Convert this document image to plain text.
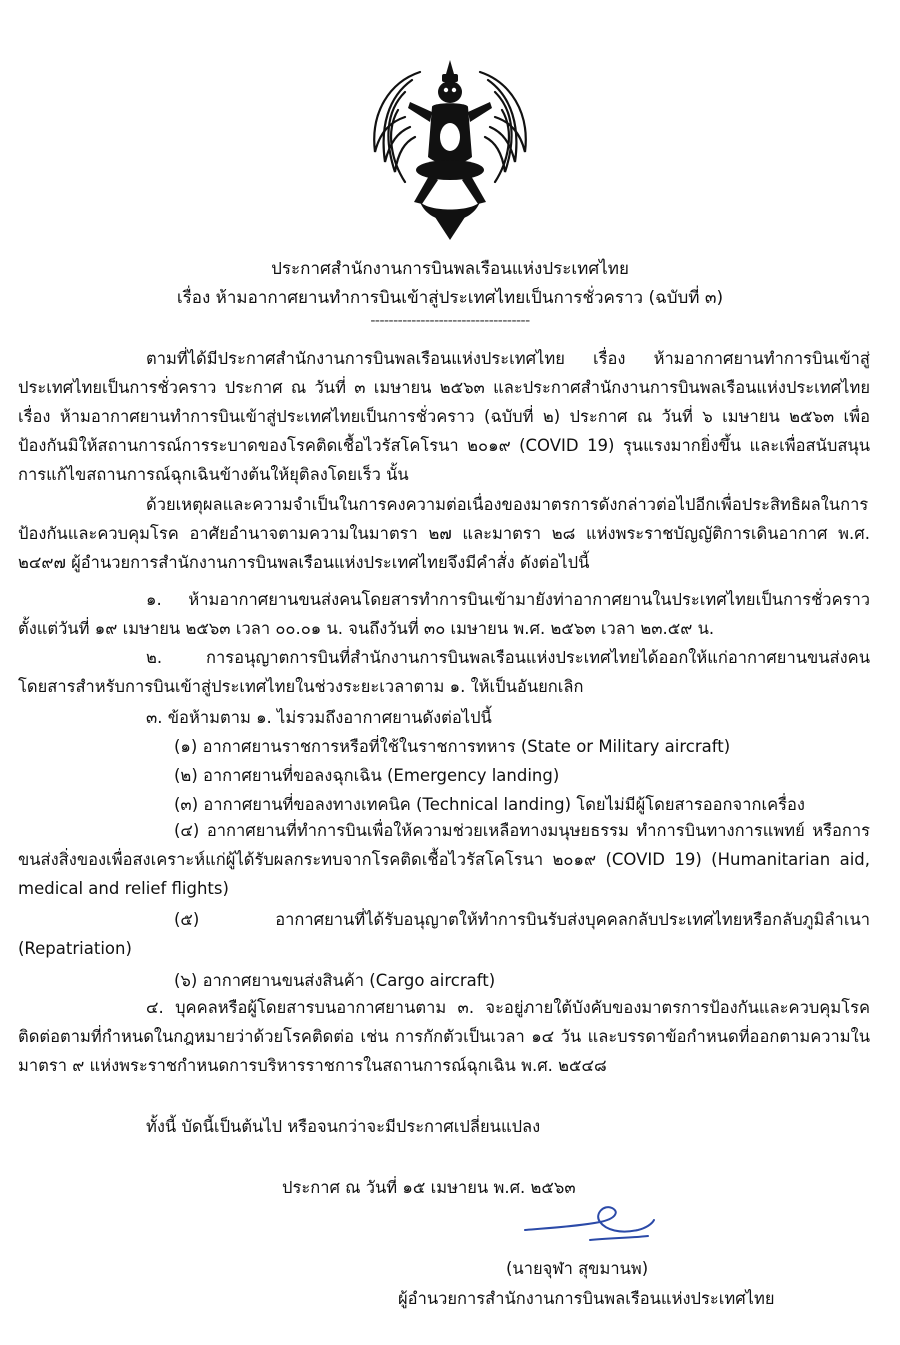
ประกาศสำนักงานการบินพลเรือนแห่งประเทศไทย
เรื่อง ห้ามอากาศยานทำการบินเข้าสู่ประเทศไทยเป็นการชั่วคราว (ฉบับที่ ๓)
-----------------------------------

ตามที่ได้มีประกาศสำนักงานการบินพลเรือนแห่งประเทศไทย เรื่อง ห้ามอากาศยานทำการบินเข้าสู่ประเทศไทยเป็นการชั่วคราว ประกาศ ณ วันที่ ๓ เมษายน ๒๕๖๓ และประกาศสำนักงานการบินพลเรือนแห่งประเทศไทย เรื่อง ห้ามอากาศยานทำการบินเข้าสู่ประเทศไทยเป็นการชั่วคราว (ฉบับที่ ๒) ประกาศ ณ วันที่ ๖ เมษายน ๒๕๖๓ เพื่อป้องกันมิให้สถานการณ์การระบาดของโรคติดเชื้อไวรัสโคโรนา ๒๐๑๙ (COVID 19) รุนแรงมากยิ่งขึ้น และเพื่อสนับสนุนการแก้ไขสถานการณ์ฉุกเฉินข้างต้นให้ยุติลงโดยเร็ว นั้น

ด้วยเหตุผลและความจำเป็นในการคงความต่อเนื่องของมาตรการดังกล่าวต่อไปอีกเพื่อประสิทธิผลในการป้องกันและควบคุมโรค อาศัยอำนาจตามความในมาตรา ๒๗ และมาตรา ๒๘ แห่งพระราชบัญญัติการเดินอากาศ พ.ศ. ๒๔๙๗ ผู้อำนวยการสำนักงานการบินพลเรือนแห่งประเทศไทยจึงมีคำสั่ง ดังต่อไปนี้

๑. ห้ามอากาศยานขนส่งคนโดยสารทำการบินเข้ามายังท่าอากาศยานในประเทศไทยเป็นการชั่วคราว ตั้งแต่วันที่ ๑๙ เมษายน ๒๕๖๓ เวลา ๐๐.๐๑ น. จนถึงวันที่ ๓๐ เมษายน พ.ศ. ๒๕๖๓ เวลา ๒๓.๕๙ น.

๒. การอนุญาตการบินที่สำนักงานการบินพลเรือนแห่งประเทศไทยได้ออกให้แก่อากาศยานขนส่งคนโดยสารสำหรับการบินเข้าสู่ประเทศไทยในช่วงระยะเวลาตาม ๑. ให้เป็นอันยกเลิก

๓. ข้อห้ามตาม ๑. ไม่รวมถึงอากาศยานดังต่อไปนี้
(๑) อากาศยานราชการหรือที่ใช้ในราชการทหาร (State or Military aircraft)
(๒) อากาศยานที่ขอลงฉุกเฉิน (Emergency landing)
(๓) อากาศยานที่ขอลงทางเทคนิค (Technical landing) โดยไม่มีผู้โดยสารออกจากเครื่อง

(๔) อากาศยานที่ทำการบินเพื่อให้ความช่วยเหลือทางมนุษยธรรม ทำการบินทางการแพทย์ หรือการขนส่งสิ่งของเพื่อสงเคราะห์แก่ผู้ได้รับผลกระทบจากโรคติดเชื้อไวรัสโคโรนา ๒๐๑๙ (COVID 19) (Humanitarian aid, medical and relief flights)

(๕) อากาศยานที่ได้รับอนุญาตให้ทำการบินรับส่งบุคคลกลับประเทศไทยหรือกลับภูมิลำเนา (Repatriation)

(๖) อากาศยานขนส่งสินค้า (Cargo aircraft)

๔. บุคคลหรือผู้โดยสารบนอากาศยานตาม ๓. จะอยู่ภายใต้บังคับของมาตรการป้องกันและควบคุมโรคติดต่อตามที่กำหนดในกฎหมายว่าด้วยโรคติดต่อ เช่น การกักตัวเป็นเวลา ๑๔ วัน และบรรดาข้อกำหนดที่ออกตามความในมาตรา ๙ แห่งพระราชกำหนดการบริหารราชการในสถานการณ์ฉุกเฉิน พ.ศ. ๒๕๔๘

ทั้งนี้ บัดนี้เป็นต้นไป หรือจนกว่าจะมีประกาศเปลี่ยนแปลง
ประกาศ ณ วันที่ ๑๕ เมษายน พ.ศ. ๒๕๖๓
(นายจุฬา สุขมานพ)
ผู้อำนวยการสำนักงานการบินพลเรือนแห่งประเทศไทย
